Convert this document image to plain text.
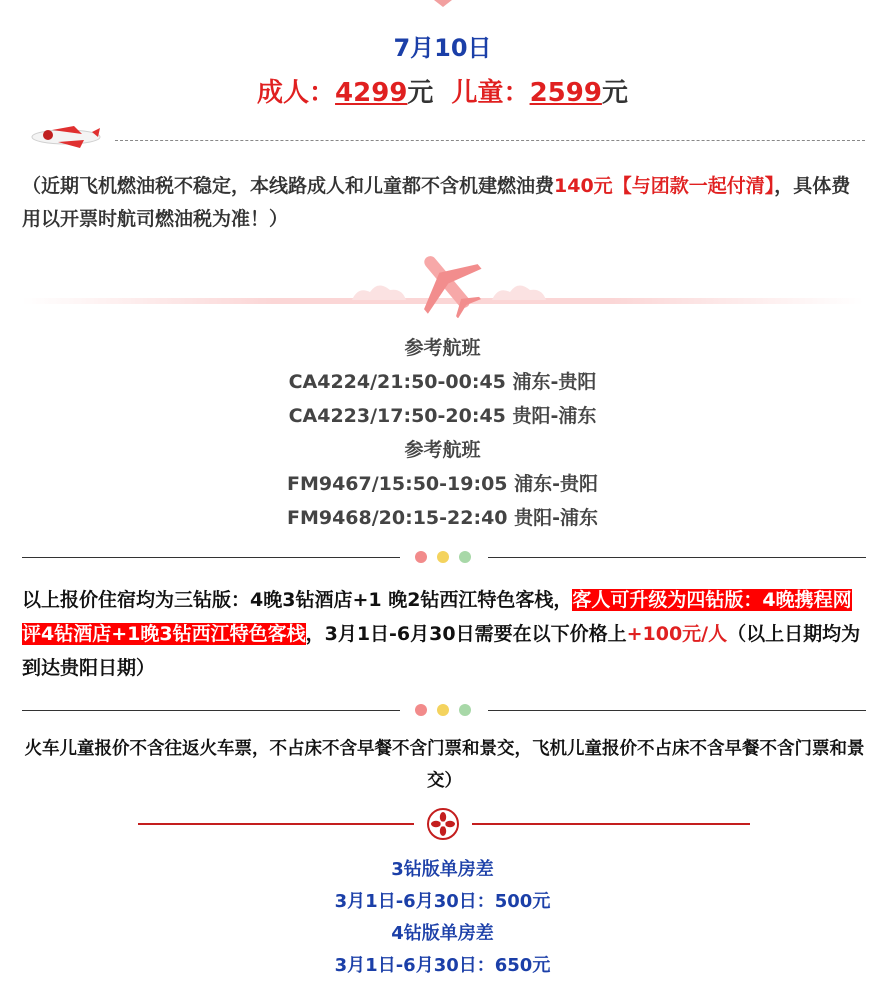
7月10日
成人：4299元 儿童：2599元
（近期飞机燃油税不稳定，本线路成人和儿童都不含机建燃油费140元【与团款一起付清】，具体费用以开票时航司燃油税为准！）
参考航班
CA4224/21:50-00:45 浦东-贵阳
CA4223/17:50-20:45 贵阳-浦东
参考航班
FM9467/15:50-19:05 浦东-贵阳
FM9468/20:15-22:40 贵阳-浦东
以上报价住宿均为三钻版：4晚3钻酒店+1 晚2钻西江特色客栈，客人可升级为四钻版：4晚携程网评4钻酒店+1晚3钻西江特色客栈，3月1日-6月30日需要在以下价格上+100元/人（以上日期均为到达贵阳日期）
火车儿童报价不含往返火车票，不占床不含早餐不含门票和景交，飞机儿童报价不占床不含早餐不含门票和景交）
3钻版单房差
3月1日-6月30日：500元
4钻版单房差
3月1日-6月30日：650元
